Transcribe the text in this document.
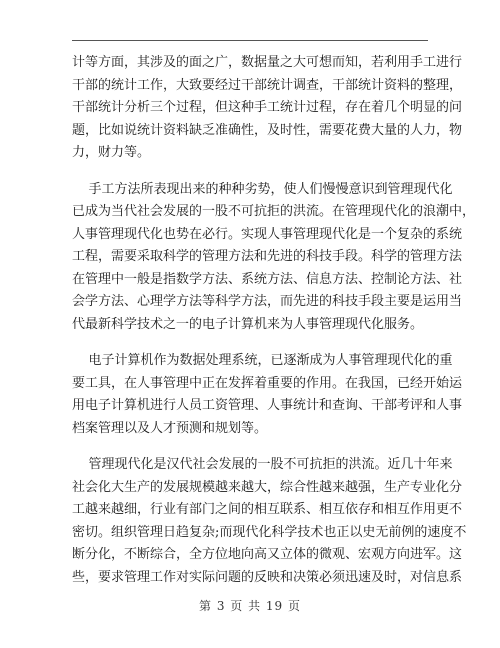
计等方面，其涉及的面之广，数据量之大可想而知，若利用手工进行
干部的统计工作，大致要经过干部统计调查，干部统计资料的整理，
干部统计分析三个过程，但这种手工统计过程，存在着几个明显的问
题，比如说统计资料缺乏准确性，及时性，需要花费大量的人力，物
力，财力等。
手工方法所表现出来的种种劣势，使人们慢慢意识到管理现代化
已成为当代社会发展的一股不可抗拒的洪流。在管理现代化的浪潮中，
人事管理现代化也势在必行。实现人事管理现代化是一个复杂的系统
工程，需要采取科学的管理方法和先进的科技手段。科学的管理方法
在管理中一般是指数学方法、系统方法、信息方法、控制论方法、社
会学方法、心理学方法等科学方法，而先进的科技手段主要是运用当
代最新科学技术之一的电子计算机来为人事管理现代化服务。
电子计算机作为数据处理系统，已逐渐成为人事管理现代化的重
要工具，在人事管理中正在发挥着重要的作用。在我国，已经开始运
用电子计算机进行人员工资管理、人事统计和查询、干部考评和人事
档案管理以及人才预测和规划等。
管理现代化是汉代社会发展的一股不可抗拒的洪流。近几十年来
社会化大生产的发展规模越来越大，综合性越来越强，生产专业化分
工越来越细，行业有部门之间的相互联系、相互依存和相互作用更不
密切。组织管理日趋复杂;而现代化科学技术也正以史无前例的速度不
断分化，不断综合，全方位地向高又立体的微观、宏观方向进军。这
些，要求管理工作对实际问题的反映和决策必须迅速及时，对信息系
第 3 页 共 19 页
